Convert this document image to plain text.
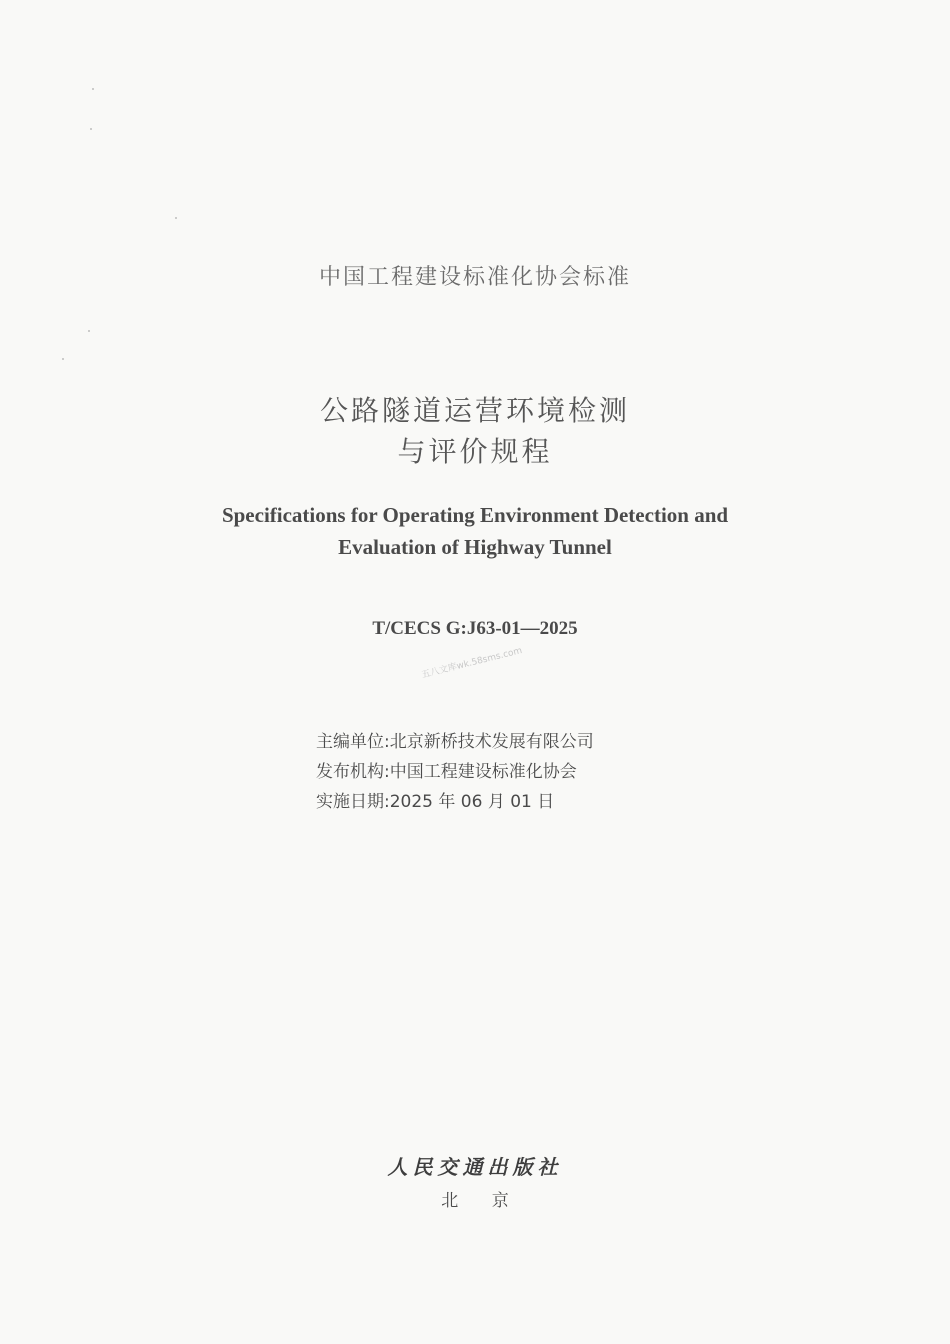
中国工程建设标准化协会标准
公路隧道运营环境检测
与评价规程
Specifications for Operating Environment Detection and
Evaluation of Highway Tunnel
T/CECS G:J63-01—2025
五八文库wk.58sms.com
主编单位:北京新桥技术发展有限公司
发布机构:中国工程建设标准化协会
实施日期:2025 年 06 月 01 日
人民交通出版社
北 京
